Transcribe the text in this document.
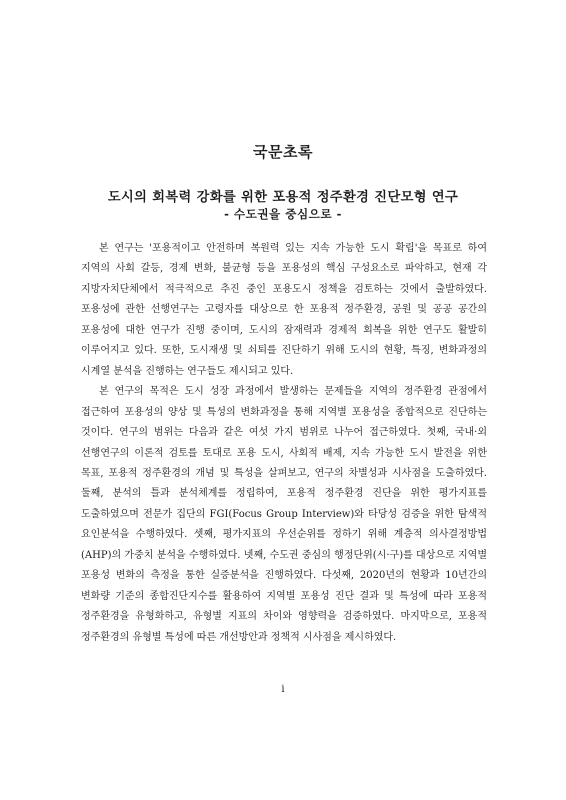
국문초록
도시의 회복력 강화를 위한 포용적 정주환경 진단모형 연구
- 수도권을 중심으로 -

본 연구는 '포용적이고 안전하며 복원력 있는 지속 가능한 도시 확립'을 목표로 하여 지역의 사회 갈등, 경제 변화, 불균형 등을 포용성의 핵심 구성요소로 파악하고, 현재 각 지방자치단체에서 적극적으로 추진 중인 포용도시 정책을 검토하는 것에서 출발하였다. 포용성에 관한 선행연구는 고령자를 대상으로 한 포용적 정주환경, 공원 및 공공 공간의 포용성에 대한 연구가 진행 중이며, 도시의 잠재력과 경제적 회복을 위한 연구도 활발히 이루어지고 있다. 또한, 도시재생 및 쇠퇴를 진단하기 위해 도시의 현황, 특징, 변화과정의 시계열 분석을 진행하는 연구들도 제시되고 있다.

본 연구의 목적은 도시 성장 과정에서 발생하는 문제들을 지역의 정주환경 관점에서 접근하여 포용성의 양상 및 특성의 변화과정을 통해 지역별 포용성을 종합적으로 진단하는 것이다. 연구의 범위는 다음과 같은 여섯 가지 범위로 나누어 접근하였다. 첫째, 국내·외 선행연구의 이론적 검토를 토대로 포용 도시, 사회적 배제, 지속 가능한 도시 발전을 위한 목표, 포용적 정주환경의 개념 및 특성을 살펴보고, 연구의 차별성과 시사점을 도출하였다. 둘째, 분석의 틀과 분석체계를 정립하여, 포용적 정주환경 진단을 위한 평가지표를 도출하였으며 전문가 집단의 FGI(Focus Group Interview)와 타당성 검증을 위한 탐색적 요인분석을 수행하였다. 셋째, 평가지표의 우선순위를 정하기 위해 계층적 의사결정방법(AHP)의 가중치 분석을 수행하였다. 넷째, 수도권 중심의 행정단위(시·구)를 대상으로 지역별 포용성 변화의 측정을 통한 실증분석을 진행하였다. 다섯째, 2020년의 현황과 10년간의 변화량 기준의 종합진단지수를 활용하여 지역별 포용성 진단 결과 및 특성에 따라 포용적 정주환경을 유형화하고, 유형별 지표의 차이와 영향력을 검증하였다. 마지막으로, 포용적 정주환경의 유형별 특성에 따른 개선방안과 정책적 시사점을 제시하였다.

i
